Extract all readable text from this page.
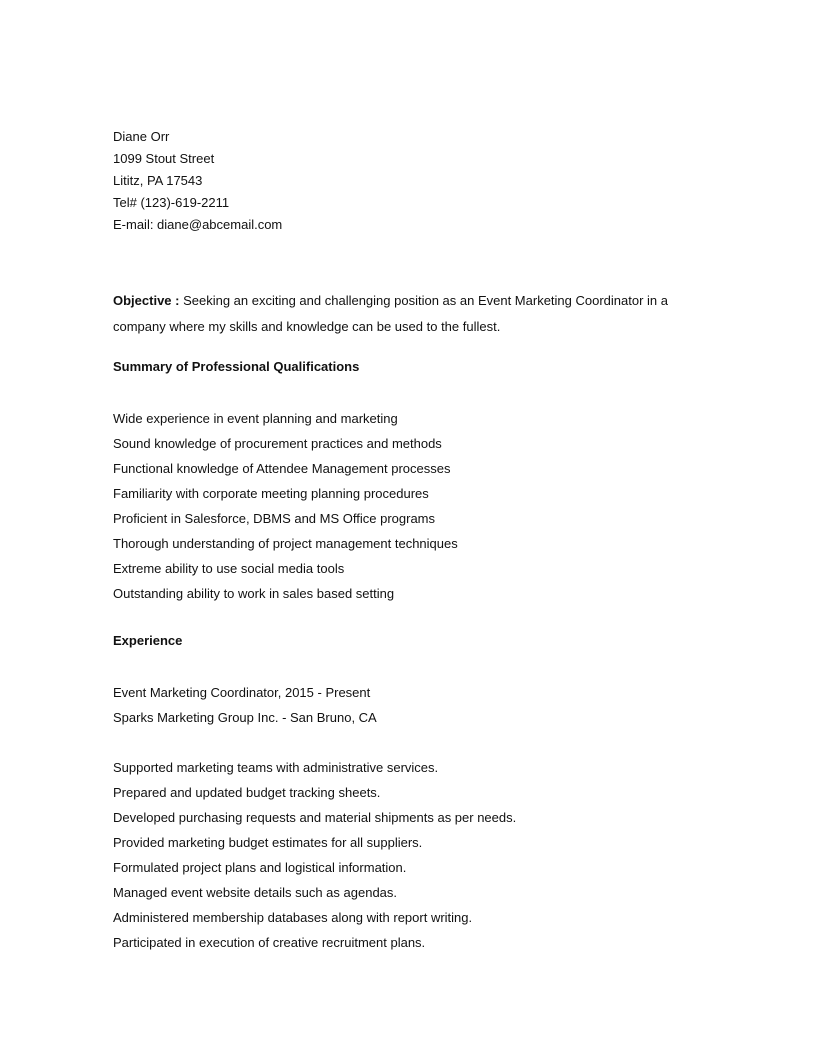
Diane Orr

1099 Stout Street

Lititz, PA 17543

Tel# (123)-619-2211

E-mail: diane@abcemail.com

Objective : Seeking an exciting and challenging position as an Event Marketing Coordinator in a company where my skills and knowledge can be used to the fullest.
Summary of Professional Qualifications
Wide experience in event planning and marketing
Sound knowledge of procurement practices and methods
Functional knowledge of Attendee Management processes
Familiarity with corporate meeting planning procedures
Proficient in Salesforce, DBMS and MS Office programs
Thorough understanding of project management techniques
Extreme ability to use social media tools
Outstanding ability to work in sales based setting
Experience

Event Marketing Coordinator, 2015 - Present

Sparks Marketing Group Inc. - San Bruno, CA

Supported marketing teams with administrative services.
Prepared and updated budget tracking sheets.
Developed purchasing requests and material shipments as per needs.
Provided marketing budget estimates for all suppliers.
Formulated project plans and logistical information.
Managed event website details such as agendas.
Administered membership databases along with report writing.
Participated in execution of creative recruitment plans.
